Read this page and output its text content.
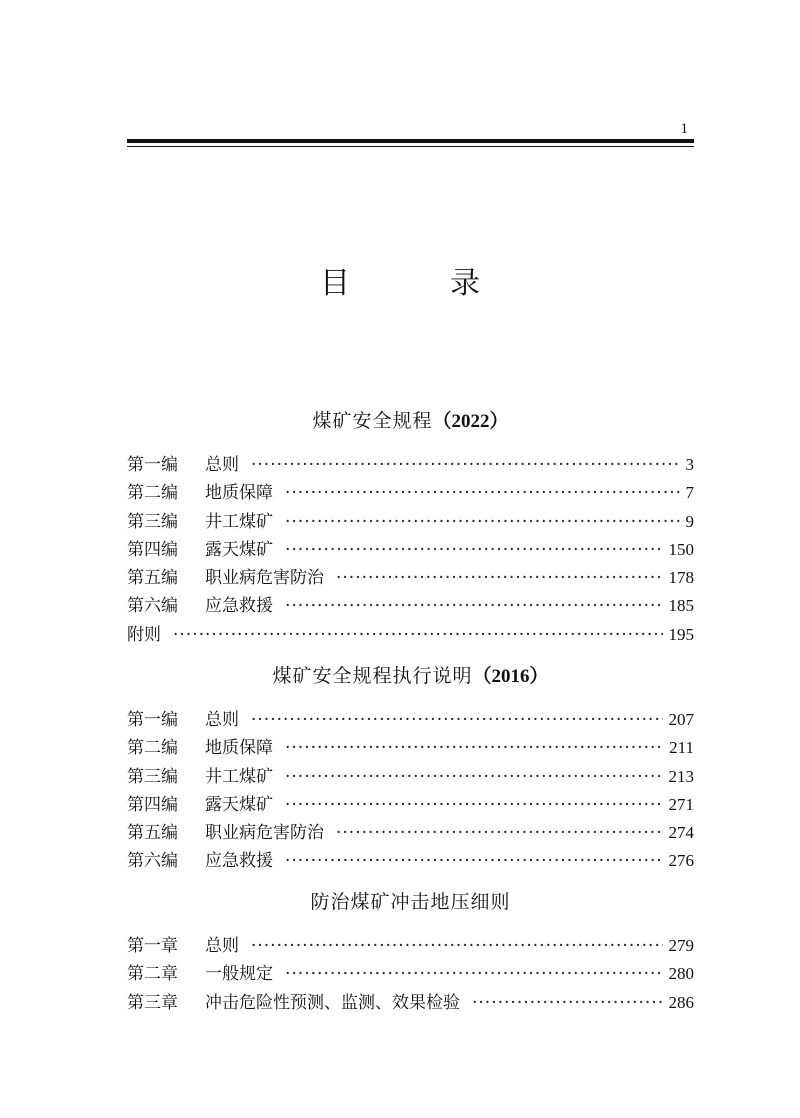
1
目	录
煤矿安全规程（2022）
第一编	总则 ·····	3
第二编	地质保障 ·····	7
第三编	井工煤矿 ·····	9
第四编	露天煤矿 ·····	150
第五编	职业病危害防治 ·····	178
第六编	应急救援 ·····	185
附则 ·····	195
煤矿安全规程执行说明（2016）
第一编	总则 ·····	207
第二编	地质保障 ·····	211
第三编	井工煤矿 ·····	213
第四编	露天煤矿 ·····	271
第五编	职业病危害防治 ·····	274
第六编	应急救援 ·····	276
防治煤矿冲击地压细则
第一章	总则 ·····	279
第二章	一般规定 ·····	280
第三章	冲击危险性预测、监测、效果检验 ·····	286
